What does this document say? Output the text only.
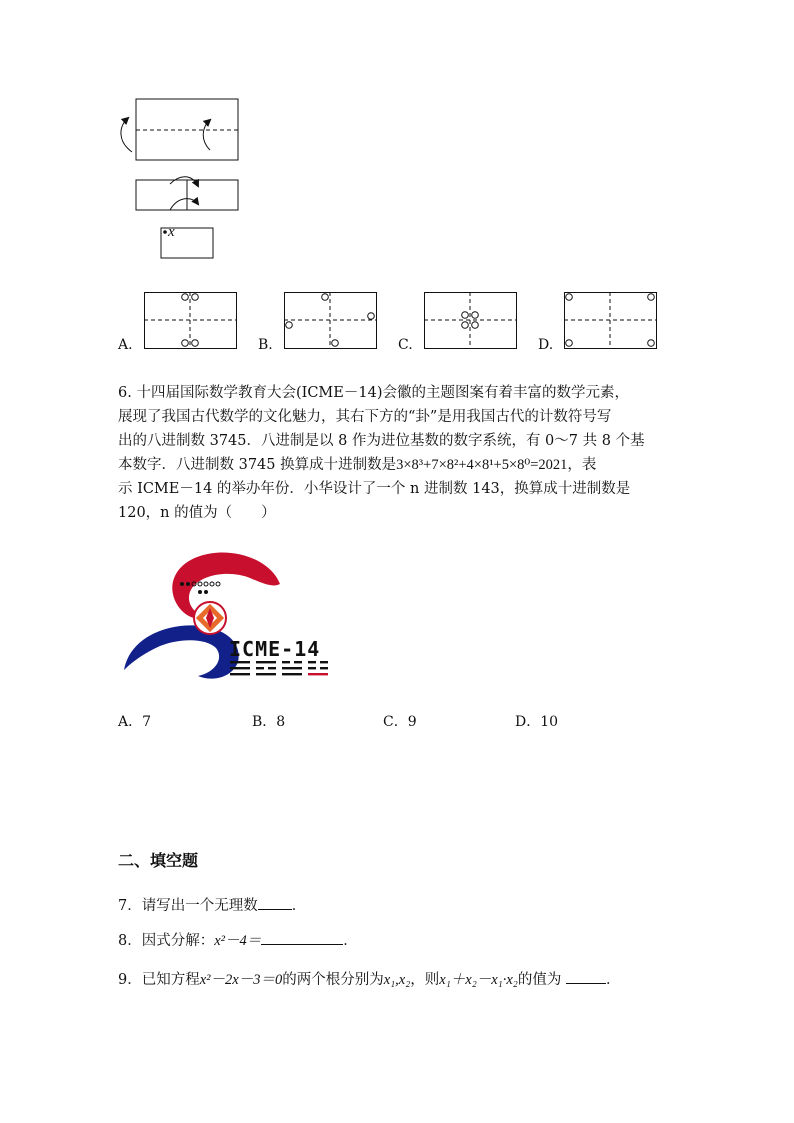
x
A.	B.	C.	D.
6. 十四届国际数学教育大会(ICME－14)会徽的主题图案有着丰富的数学元素，
展现了我国古代数学的文化魅力，其右下方的“卦”是用我国古代的计数符号写
出的八进制数 3745．八进制是以 8 作为进位基数的数字系统，有 0～7 共 8 个基
本数字．八进制数 3745 换算成十进制数是3×8³+7×8²+4×8¹+5×8⁰=2021，表
示 ICME－14 的举办年份．小华设计了一个 n 进制数 143，换算成十进制数是
120，n 的值为（　　）
ICME-14
A．7	B．8	C．9	D．10
二、填空题
7．请写出一个无理数 ．
8．因式分解：x²－4＝	．
9．已知方程x²－2x－3＝0的两个根分别为x₁,x₂，则x₁＋x₂－x₁·x₂的值为	．
